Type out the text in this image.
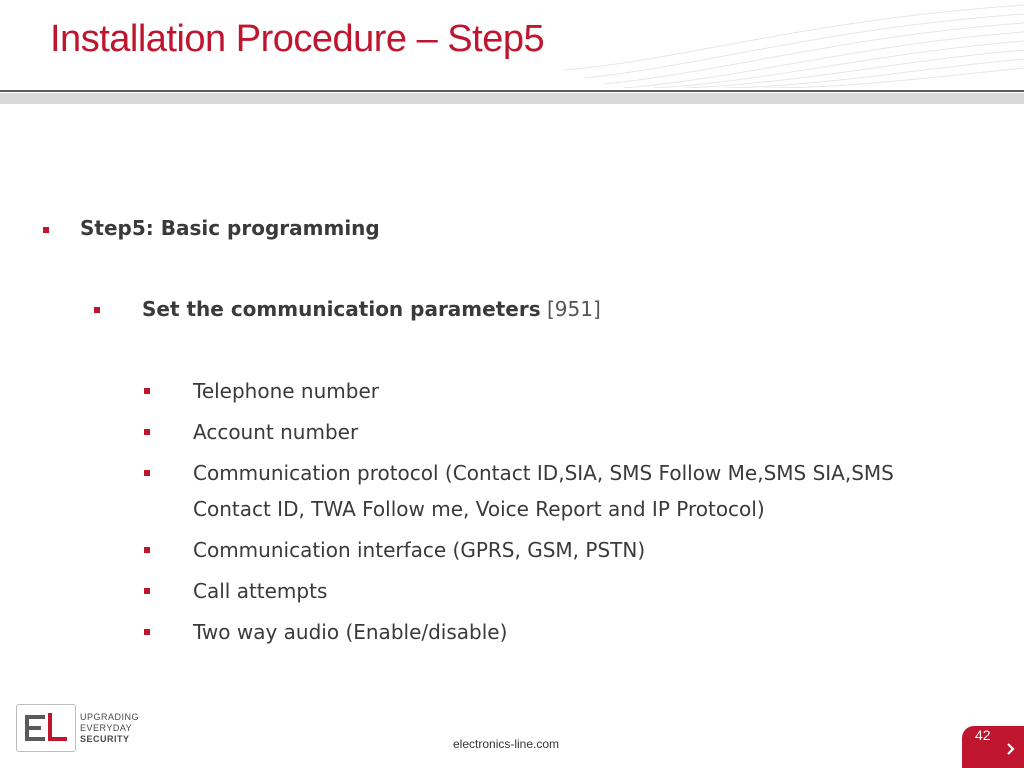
Installation Procedure – Step5
Step5: Basic programming
Set the communication parameters [951]
Telephone number
Account number
Communication protocol (Contact ID,SIA, SMS Follow Me,SMS SIA,SMS Contact ID, TWA Follow me, Voice Report and IP Protocol)
Communication interface (GPRS, GSM, PSTN)
Call attempts
Two way audio (Enable/disable)
UPGRADING
EVERYDAY
SECURITY	electronics-line.com
42
